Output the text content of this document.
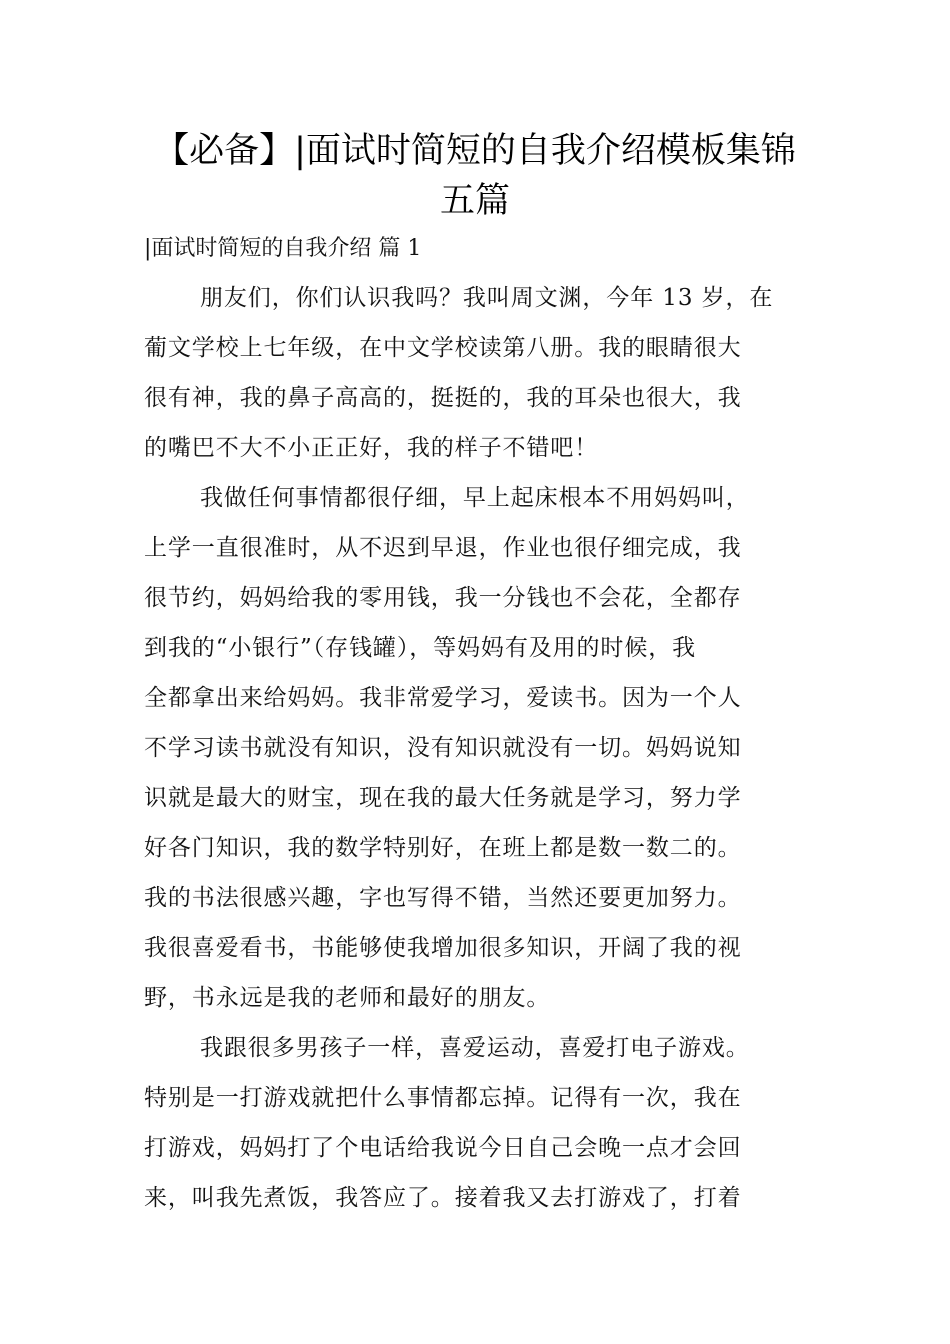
【必备】|面试时简短的自我介绍模板集锦
五篇
|面试时简短的自我介绍 篇 1

朋友们，你们认识我吗？我叫周文渊，今年 13 岁，在

葡文学校上七年级，在中文学校读第八册。我的眼睛很大

很有神，我的鼻子高高的，挺挺的，我的耳朵也很大，我

的嘴巴不大不小正正好，我的样子不错吧！

我做任何事情都很仔细，早上起床根本不用妈妈叫，

上学一直很准时，从不迟到早退，作业也很仔细完成，我

很节约，妈妈给我的零用钱，我一分钱也不会花，全都存

到我的“小银行”（存钱罐），等妈妈有及用的时候，我

全都拿出来给妈妈。我非常爱学习，爱读书。因为一个人

不学习读书就没有知识，没有知识就没有一切。妈妈说知

识就是最大的财宝，现在我的最大任务就是学习，努力学

好各门知识，我的数学特别好，在班上都是数一数二的。

我的书法很感兴趣，字也写得不错，当然还要更加努力。

我很喜爱看书，书能够使我增加很多知识，开阔了我的视

野，书永远是我的老师和最好的朋友。

我跟很多男孩子一样，喜爱运动，喜爱打电子游戏。

特别是一打游戏就把什么事情都忘掉。记得有一次，我在

打游戏，妈妈打了个电话给我说今日自己会晚一点才会回

来，叫我先煮饭，我答应了。接着我又去打游戏了，打着
